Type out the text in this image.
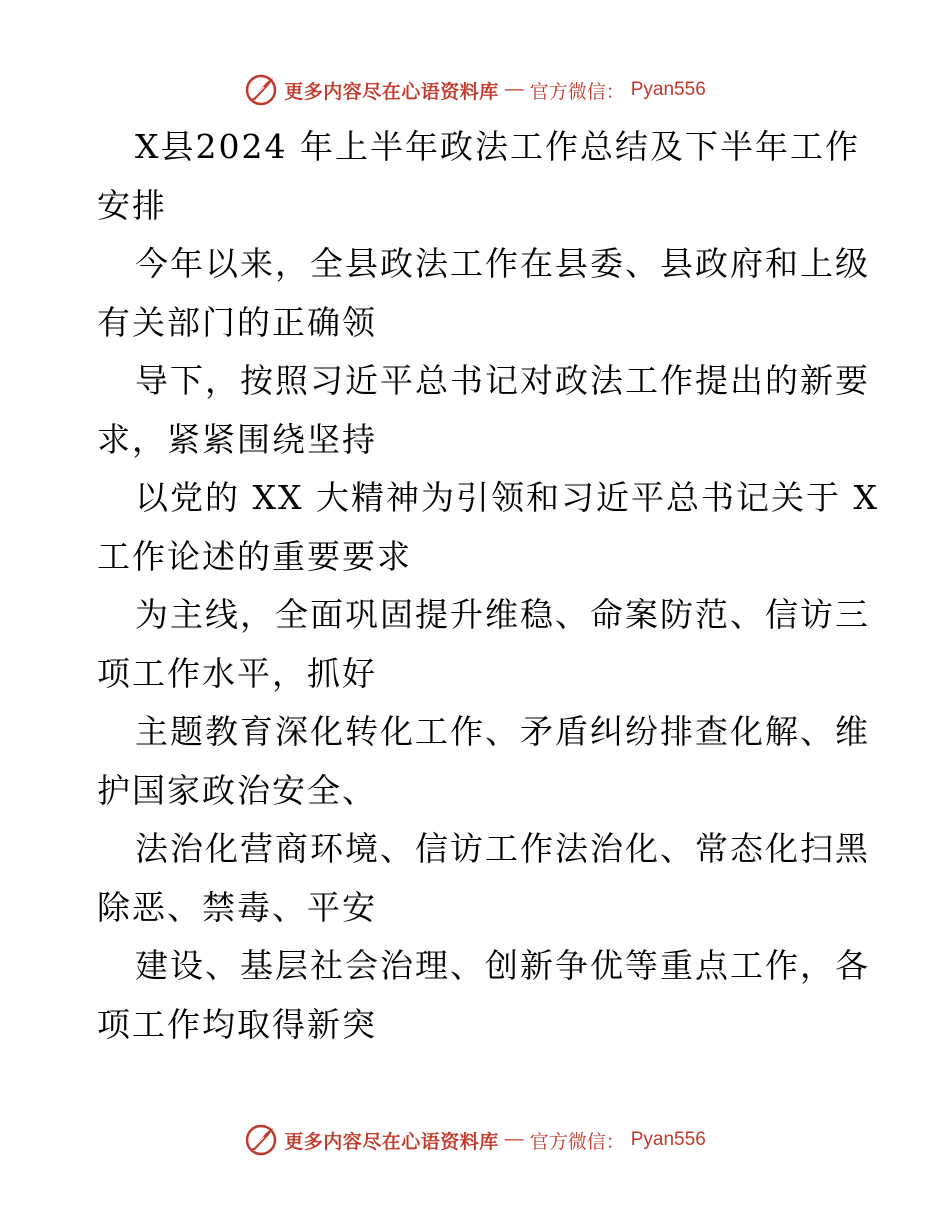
更多内容尽在心语资料库 — 官方微信： Pyan556
X县2024 年上半年政法工作总结及下半年工作
安排
今年以来，全县政法工作在县委、县政府和上级
有关部门的正确领
导下，按照习近平总书记对政法工作提出的新要
求，紧紧围绕坚持
以党的 XX 大精神为引领和习近平总书记关于 X
工作论述的重要要求
为主线，全面巩固提升维稳、命案防范、信访三
项工作水平，抓好
主题教育深化转化工作、矛盾纠纷排查化解、维
护国家政治安全、
法治化营商环境、信访工作法治化、常态化扫黑
除恶、禁毒、平安
建设、基层社会治理、创新争优等重点工作，各
项工作均取得新突
更多内容尽在心语资料库 — 官方微信： Pyan556
